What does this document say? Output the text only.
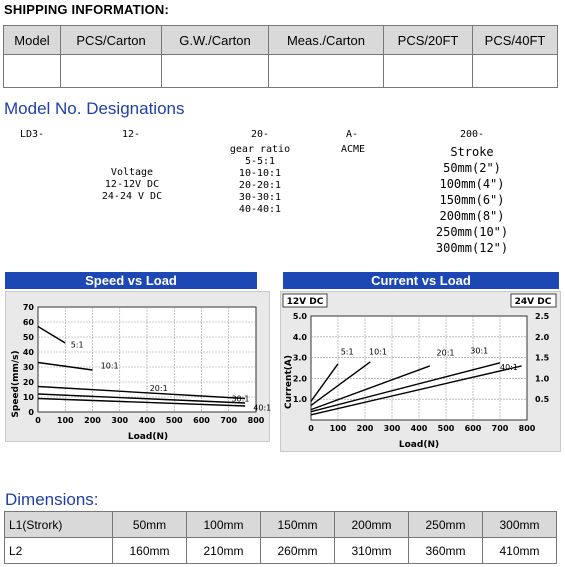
SHIPPING INFORMATION:
Model	PCS/Carton	G.W./Carton	Meas./Carton	PCS/20FT	PCS/40FT

Model No. Designations
LD3-	12-	20-	A-	200-
Voltage
12-12V DC
24-24 V DC
gear ratio
5-5:1
10-10:1
20-20:1
30-30:1
40-40:1
ACME	Stroke
50mm(2")
100mm(4")
150mm(6")
200mm(8")
250mm(10")
300mm(12")
Speed vs Load
0 100 200 300 400 500 600 700 800
0
10
20
30
40
50
60
70
5:1
10:1
20:1
30:1
40:1
Speed(mm/s)
Load(N)
Current vs Load
12V DC	24V DC
0 100 200 300 400 500 600 700 800
1.0
2.0
3.0
4.0
5.0
0.5
1.0
1.5
2.0
2.5
5:1 10:1	20:1 30:1
40:1
Current(A)
Load(N)
Dimensions:
L1(Strork)	50mm	100mm	150mm	200mm	250mm	300mm
L2	160mm	210mm	260mm	310mm	360mm	410mm
